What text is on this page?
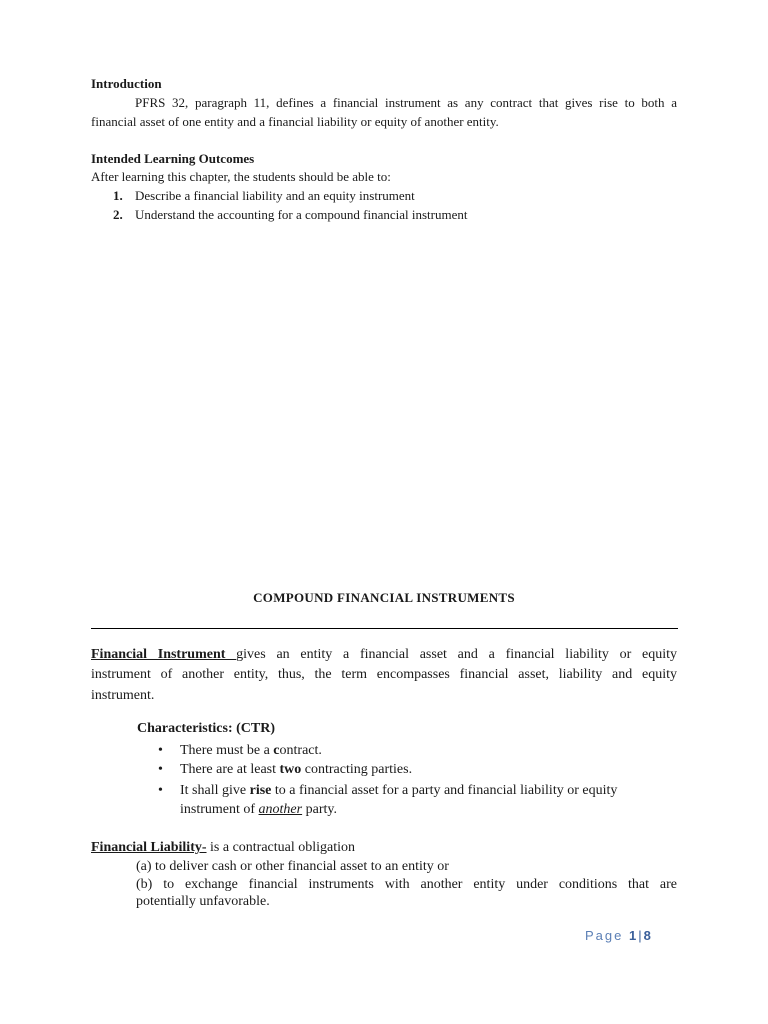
Introduction
PFRS 32, paragraph 11, defines a financial instrument as any contract that gives rise to both a
financial asset of one entity and a financial liability or equity of another entity.
Intended Learning Outcomes
After learning this chapter, the students should be able to:
1. Describe a financial liability and an equity instrument
2. Understand the accounting for a compound financial instrument
COMPOUND FINANCIAL INSTRUMENTS
Financial Instrument gives an entity a financial asset and a financial liability or equity
instrument of another entity, thus, the term encompasses financial asset, liability and equity
instrument.
Characteristics: (CTR)
• There must be a contract.
• There are at least two contracting parties.
• It shall give rise to a financial asset for a party and financial liability or equity
instrument of another party.
Financial Liability- is a contractual obligation
(a) to deliver cash or other financial asset to an entity or
(b) to exchange financial instruments with another entity under conditions that are
potentially unfavorable.
Page 1 | 8
